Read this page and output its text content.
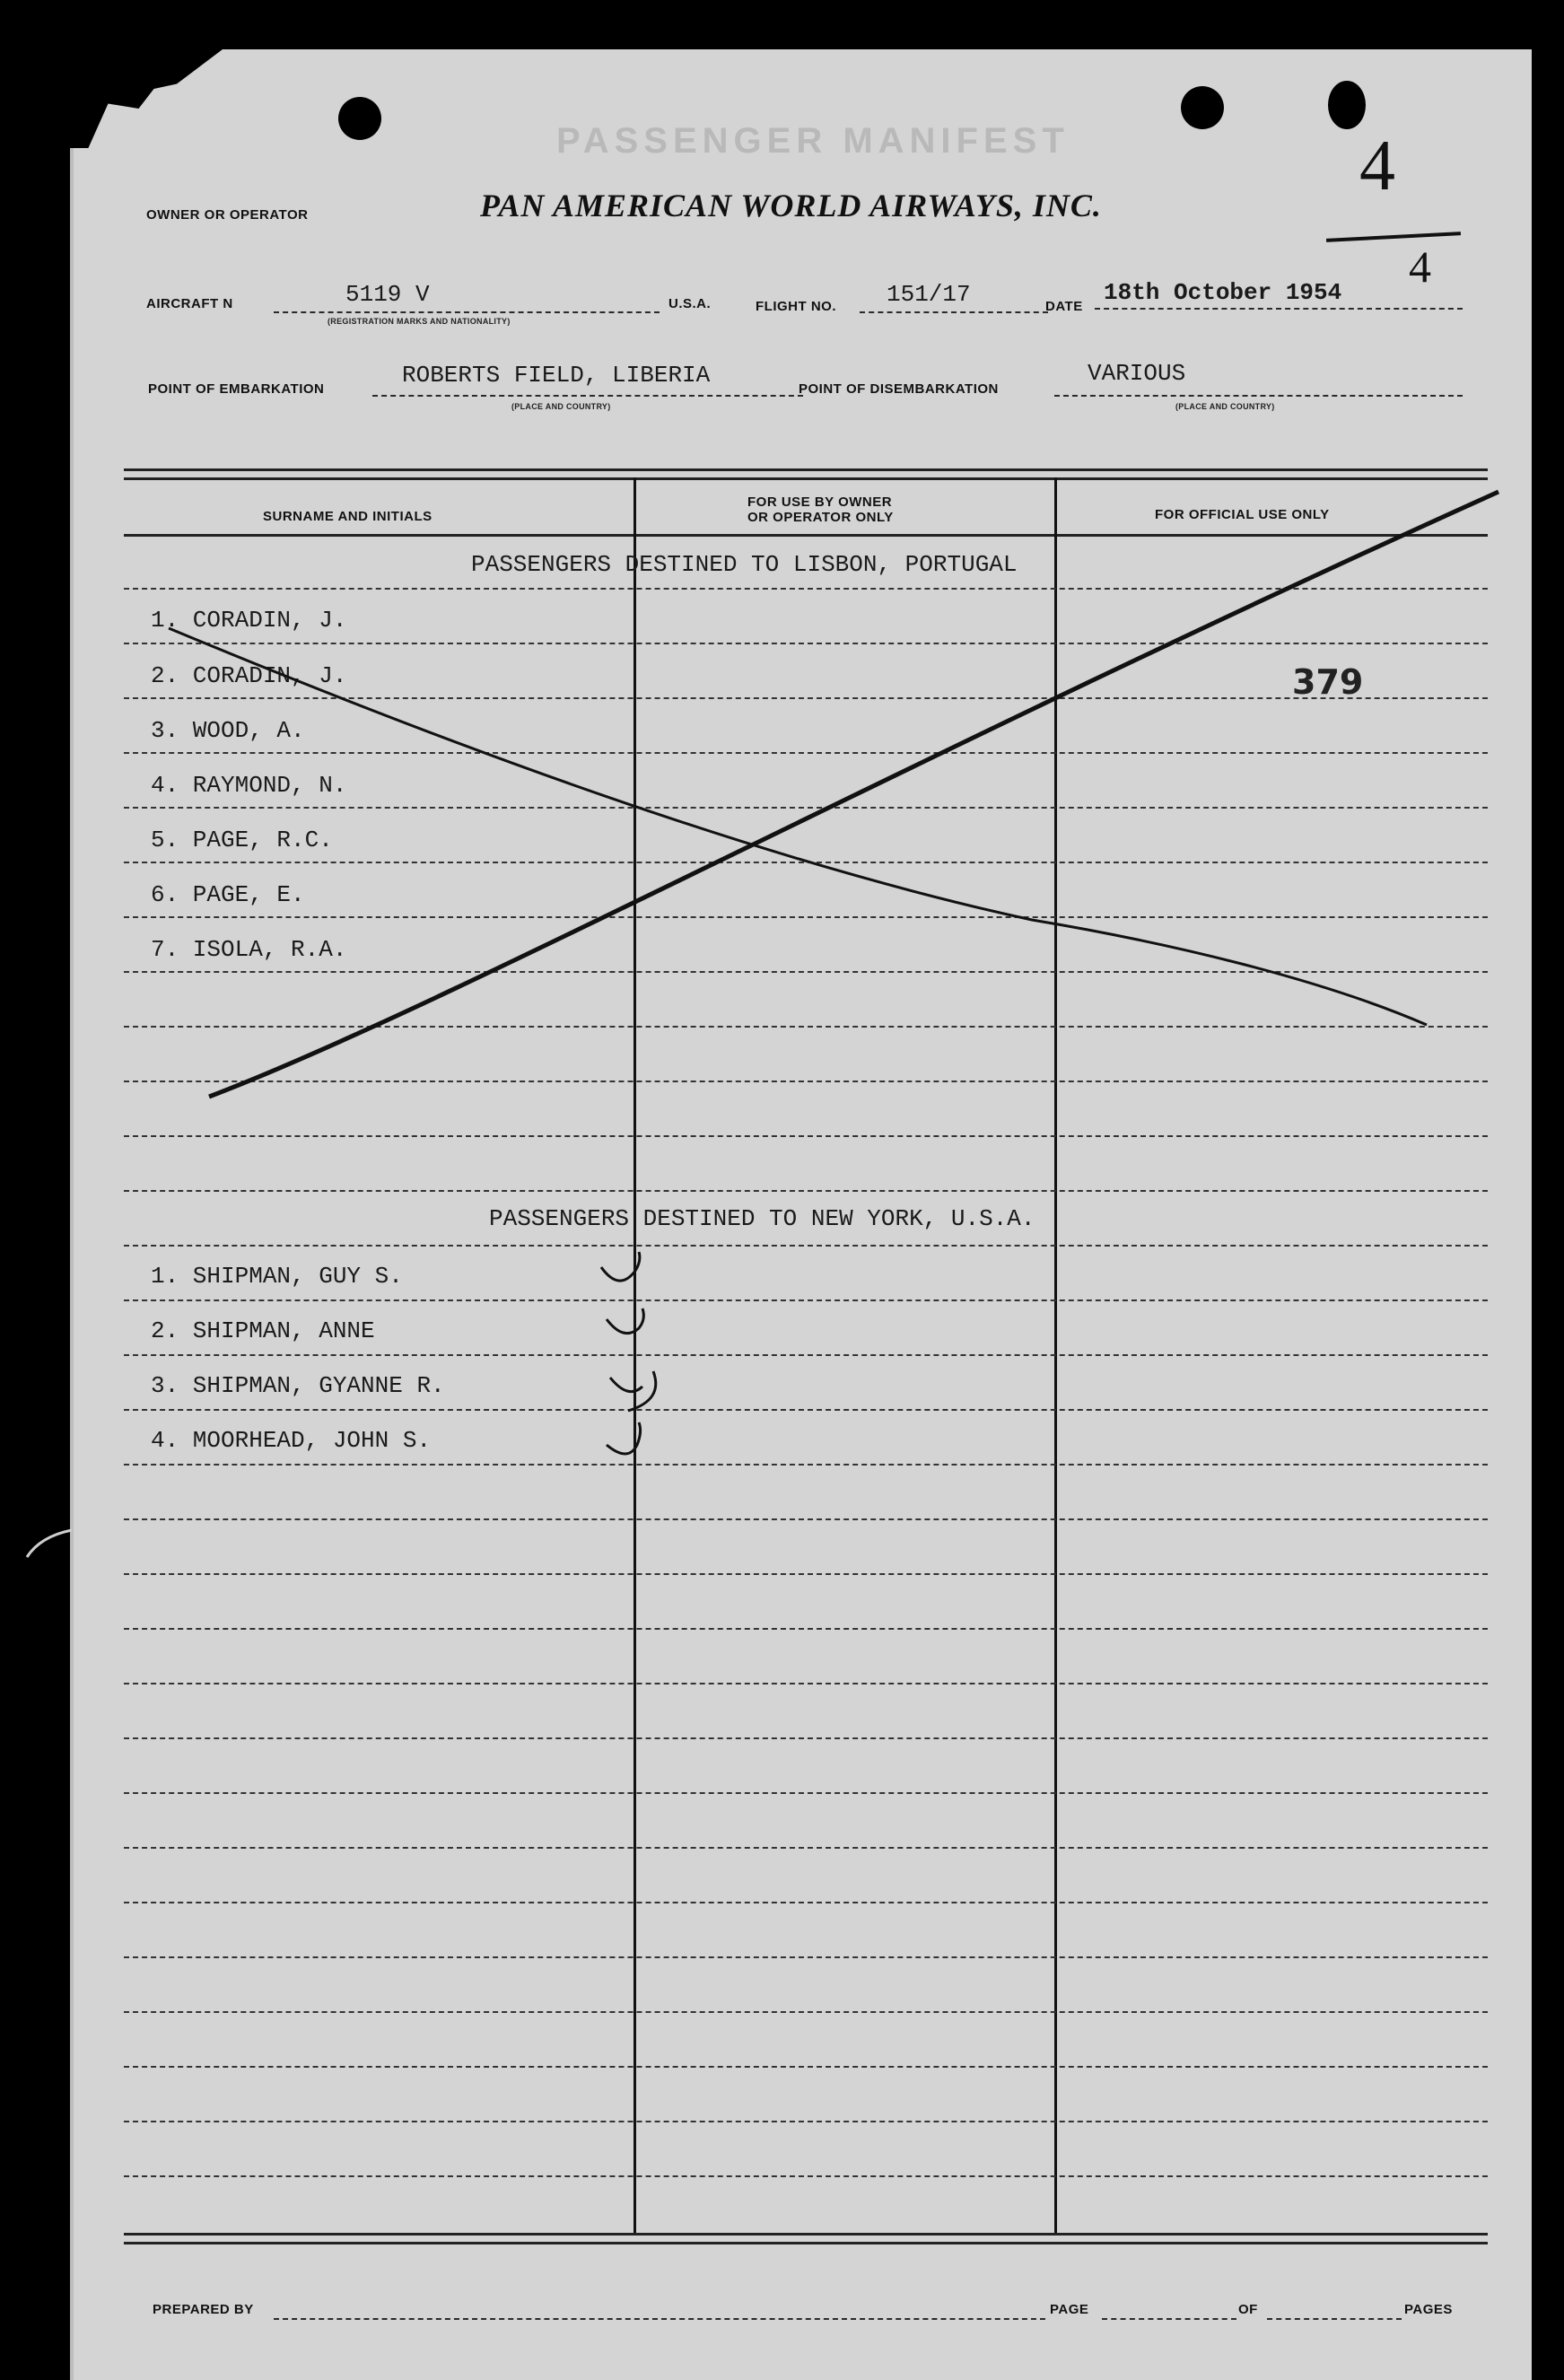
PASSENGER MANIFEST
OWNER OR OPERATOR	PAN AMERICAN WORLD AIRWAYS, INC.
AIRCRAFT N	5119 V
(REGISTRATION MARKS AND NATIONALITY)
U.S.A.	FLIGHT NO. 151/17	DATE
18th October 1954
POINT OF EMBARKATION
ROBERTS FIELD, LIBERIA
(PLACE AND COUNTRY)
POINT OF DISEMBARKATION
VARIOUS
(PLACE AND COUNTRY)
SURNAME AND INITIALS
FOR USE BY OWNER
OR OPERATOR ONLY	FOR OFFICIAL USE ONLY
PASSENGERS DESTINED TO LISBON, PORTUGAL
1. CORADIN, J.
2. CORADIN, J.
3. WOOD, A.
4. RAYMOND, N.
5. PAGE, R.C.
6. PAGE, E.
7. ISOLA, R.A.
PASSENGERS DESTINED TO NEW YORK, U.S.A.
1. SHIPMAN, GUY S.
2. SHIPMAN, ANNE
3. SHIPMAN, GYANNE R.
4. MOORHEAD, JOHN S.
4
4
379
PREPARED BY	PAGE	OF	PAGES
